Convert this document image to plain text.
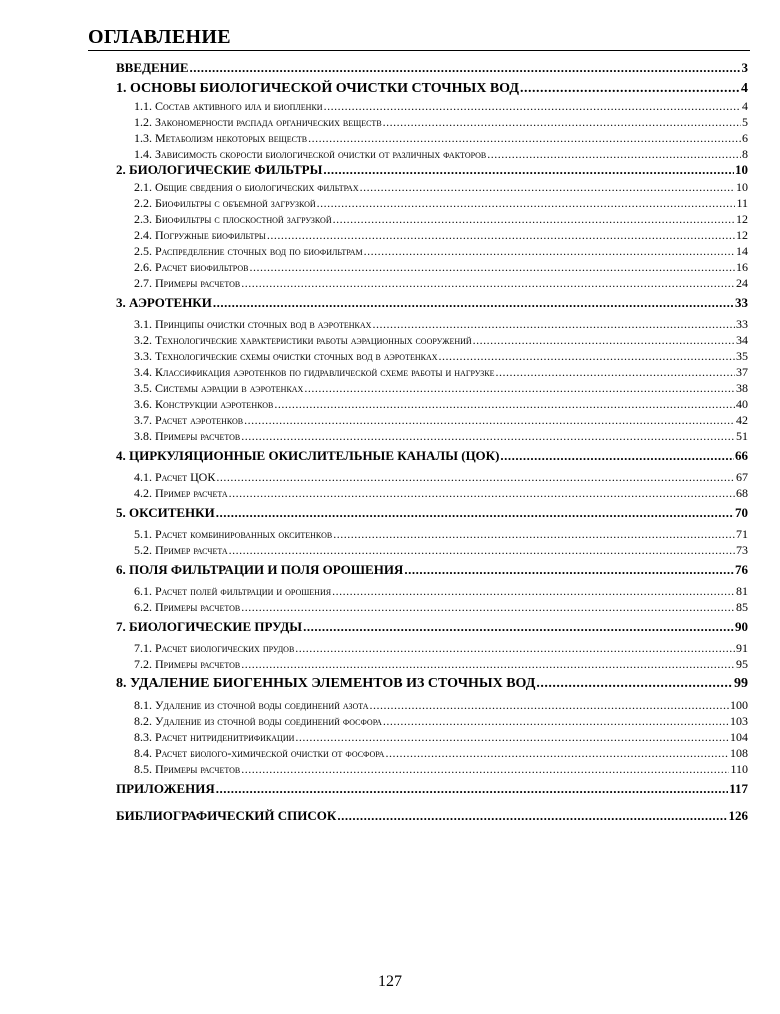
ОГЛАВЛЕНИЕ
ВВЕДЕНИЕ .....	3
1. ОСНОВЫ БИОЛОГИЧЕСКОЙ ОЧИСТКИ СТОЧНЫХ ВОД .....	4
1.1. Состав активного ила и биопленки .....	4
1.2. Закономерности распада органических веществ .....	5
1.3. Метаболизм некоторых веществ .....	6
1.4. Зависимость скорости биологической очистки от различных факторов .....	8
2. БИОЛОГИЧЕСКИЕ ФИЛЬТРЫ .....	10
2.1. Общие сведения о биологических фильтрах .....	10
2.2. Биофильтры с объемной загрузкой .....	11
2.3. Биофильтры с плоскостной загрузкой .....	12
2.4. Погружные биофильтры .....	12
2.5. Распределение сточных вод по биофильтрам .....	14
2.6. Расчет биофильтров .....	16
2.7. Примеры расчетов .....	24
3. АЭРОТЕНКИ .....	33
3.1. Принципы очистки сточных вод в аэротенках .....	33
3.2. Технологические характеристики работы аэрационных сооружений .....	34
3.3. Технологические схемы очистки сточных вод в аэротенках .....	35
3.4. Классификация аэротенков по гидравлической схеме работы и нагрузке .....	37
3.5. Системы аэрации в аэротенках .....	38
3.6. Конструкции аэротенков .....	40
3.7. Расчет аэротенков .....	42
3.8. Примеры расчетов .....	51
4. ЦИРКУЛЯЦИОННЫЕ ОКИСЛИТЕЛЬНЫЕ КАНАЛЫ (ЦОК) .....	66
4.1. Расчет ЦОК .....	67
4.2. Пример расчета .....	68
5. ОКСИТЕНКИ .....	70
5.1. Расчет комбинированных окситенков .....	71
5.2. Пример расчета .....	73
6. ПОЛЯ ФИЛЬТРАЦИИ И ПОЛЯ ОРОШЕНИЯ .....	76
6.1. Расчет полей фильтрации и орошения .....	81
6.2. Примеры расчетов .....	85
7. БИОЛОГИЧЕСКИЕ ПРУДЫ .....	90
7.1. Расчет биологических прудов .....	91
7.2. Примеры расчетов .....	95
8. УДАЛЕНИЕ БИОГЕННЫХ ЭЛЕМЕНТОВ ИЗ СТОЧНЫХ ВОД .....	99
8.1. Удаление из сточной воды соединений азота .....	100
8.2. Удаление из сточной воды соединений фосфора .....	103
8.3. Расчет нитриденитрификации .....	104
8.4. Расчет биолого-химической очистки от фосфора .....	108
8.5. Примеры расчетов .....	110
ПРИЛОЖЕНИЯ .....	117
БИБЛИОГРАФИЧЕСКИЙ СПИСОК .....	126
127
